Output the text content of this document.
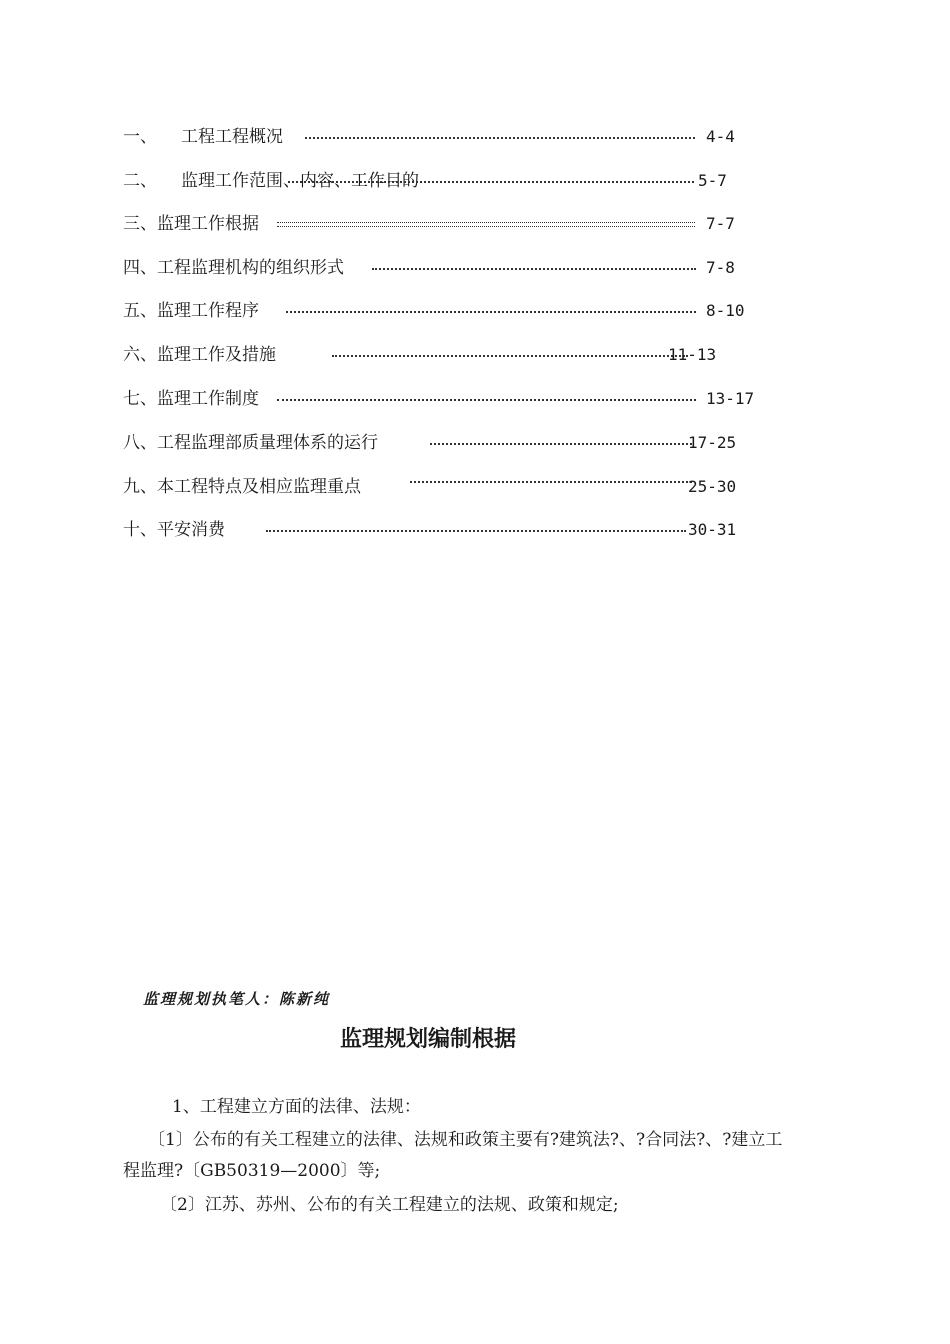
一、 工程工程概况	4-4
二、 监理工作范围、内容、工作目的	5-7
三、监理工作根据	7-7
四、工程监理机构的组织形式	7-8
五、监理工作程序	8-10
六、监理工作及措施	11-13
七、监理工作制度	13-17
八、工程监理部质量理体系的运行	17-25
九、本工程特点及相应监理重点	25-30
十、平安消费	30-31
监理规划执笔人：陈新纯
监理规划编制根据
1、工程建立方面的法律、法规：
〔1〕公布的有关工程建立的法律、法规和政策主要有?建筑法?、?合同法?、?建立工
程监理?〔GB50319—2000〕等;
〔2〕江苏、苏州、公布的有关工程建立的法规、政策和规定;
